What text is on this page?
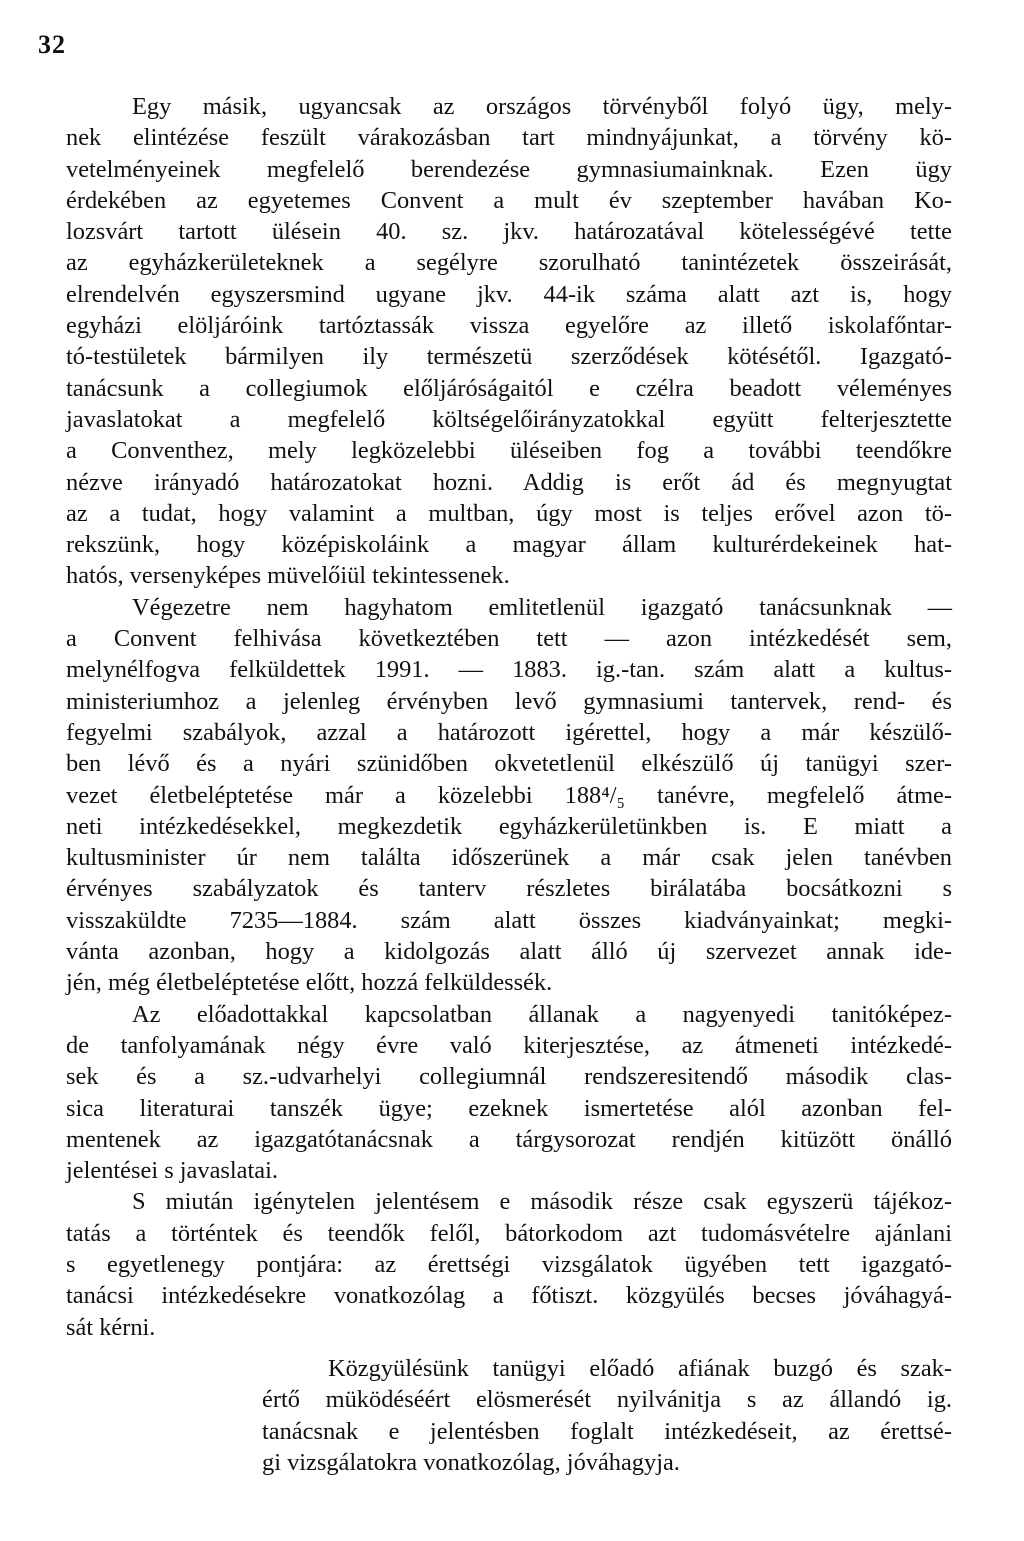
32
Egy másik, ugyancsak az országos törvényből folyó ügy, mely-
nek elintézése feszült várakozásban tart mindnyájunkat, a törvény kö-
vetelményeinek megfelelő berendezése gymnasiumainknak. Ezen ügy
érdekében az egyetemes Convent a mult év szeptember havában Ko-
lozsvárt tartott ülésein 40. sz. jkv. határozatával kötelességévé tette
az egyházkerületeknek a segélyre szorulható tanintézetek összeirását,
elrendelvén egyszersmind ugyane jkv. 44-ik száma alatt azt is, hogy
egyházi elöljáróink tartóztassák vissza egyelőre az illető iskolafőntar-
tó-testületek bármilyen ily természetü szerződések kötésétől. Igazgató-
tanácsunk a collegiumok előljáróságaitól e czélra beadott véleményes
javaslatokat a megfelelő költségelőirányzatokkal együtt felterjesztette
a Conventhez, mely legközelebbi üléseiben fog a további teendőkre
nézve irányadó határozatokat hozni. Addig is erőt ád és megnyugtat
az a tudat, hogy valamint a multban, úgy most is teljes erővel azon tö-
rekszünk, hogy középiskoláink a magyar állam kulturérdekeinek hat-
hatós, versenyképes müvelőiül tekintessenek.
Végezetre nem hagyhatom emlitetlenül igazgató tanácsunknak —
a Convent felhivása következtében tett — azon intézkedését sem,
melynélfogva felküldettek 1991. — 1883. ig.-tan. szám alatt a kultus-
ministeriumhoz a jelenleg érvényben levő gymnasiumi tantervek, rend- és
fegyelmi szabályok, azzal a határozott igérettel, hogy a már készülő-
ben lévő és a nyári szünidőben okvetetlenül elkészülő új tanügyi szer-
vezet életbeléptetése már a közelebbi 188⁴/₅ tanévre, megfelelő átme-
neti intézkedésekkel, megkezdetik egyházkerületünkben is. E miatt a
kultusminister úr nem találta időszerünek a már csak jelen tanévben
érvényes szabályzatok és tanterv részletes birálatába bocsátkozni s
visszaküldte 7235—1884. szám alatt összes kiadványainkat; megki-
vánta azonban, hogy a kidolgozás alatt álló új szervezet annak ide-
jén, még életbeléptetése előtt, hozzá felküldessék.
Az előadottakkal kapcsolatban állanak a nagyenyedi tanitóképez-
de tanfolyamának négy évre való kiterjesztése, az átmeneti intézkedé-
sek és a sz.-udvarhelyi collegiumnál rendszeresitendő második clas-
sica literaturai tanszék ügye; ezeknek ismertetése alól azonban fel-
mentenek az igazgatótanácsnak a tárgysorozat rendjén kitüzött önálló
jelentései s javaslatai.
S miután igénytelen jelentésem e második része csak egyszerü tájékoz-
tatás a történtek és teendők felől, bátorkodom azt tudomásvételre ajánlani
s egyetlenegy pontjára: az érettségi vizsgálatok ügyében tett igazgató-
tanácsi intézkedésekre vonatkozólag a főtiszt. közgyülés becses jóváhagyá-
sát kérni.
Közgyülésünk tanügyi előadó afiának buzgó és szak-
értő müködéséért elösmerését nyilvánitja s az állandó ig.
tanácsnak e jelentésben foglalt intézkedéseit, az érettsé-
gi vizsgálatokra vonatkozólag, jóváhagyja.
